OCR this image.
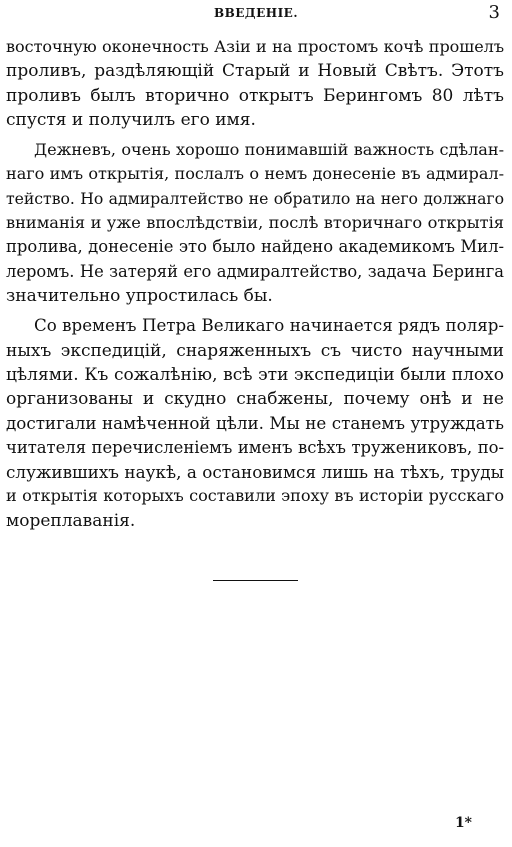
ВВЕДЕНIЕ.	3
восточную оконечность Азiи и на простомъ кочѣ прошелъ
проливъ, раздѣляющiй Старый и Новый Свѣтъ. Этотъ
проливъ былъ вторично открытъ Берингомъ 80 лѣтъ
спустя и получилъ его имя.
Дежневъ, очень хорошо понимавшiй важность сдѣлан-
наго имъ открытiя, послалъ о немъ донесенiе въ адмирал-
тейство. Но адмиралтейство не обратило на него должнаго
вниманiя и уже впослѣдствiи, послѣ вторичнаго открытiя
пролива, донесенiе это было найдено академикомъ Мил-
леромъ. Не затеряй его адмиралтейство, задача Беринга
значительно упростилась бы.
Со временъ Петра Великаго начинается рядъ поляр-
ныхъ экспедицiй, снаряженныхъ съ чисто научными
цѣлями. Къ сожалѣнiю, всѣ эти экспедицiи были плохо
организованы и скудно снабжены, почему онѣ и не
достигали намѣченной цѣли. Мы не станемъ утруждать
читателя перечисленiемъ именъ всѣхъ тружениковъ, по-
служившихъ наукѣ, а остановимся лишь на тѣхъ, труды
и открытiя которыхъ составили эпоху въ исторiи русскаго
мореплаванiя.
1*
